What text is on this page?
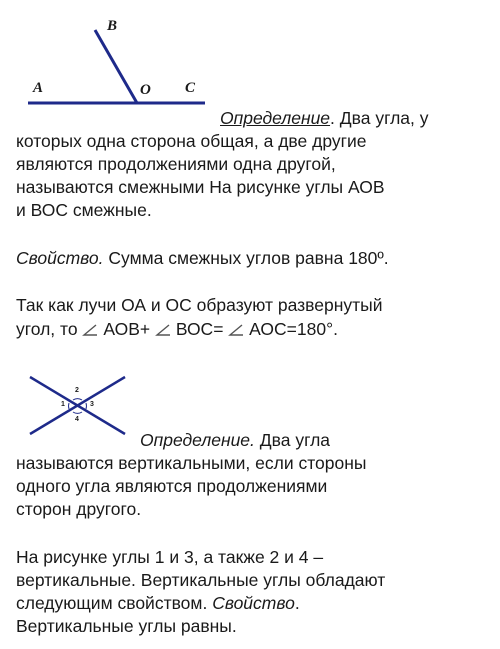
A
B
O C
Определение. Два угла, у
которых одна сторона общая, а две другие
являются продолжениями одна другой,
называются смежными На рисунке углы АОВ
и ВОС смежные.
Свойство. Сумма смежных углов равна 180º.
Так как лучи ОА и ОС образуют развернутый
угол, то  АОВ+  ВОС=  АОС=180°.
1
2
3
4
Определение. Два угла
называются вертикальными, если стороны
одного угла являются продолжениями
сторон другого.
На рисунке углы 1 и 3, а также 2 и 4 –
вертикальные. Вертикальные углы обладают
следующим свойством. Свойство.
Вертикальные углы равны.
